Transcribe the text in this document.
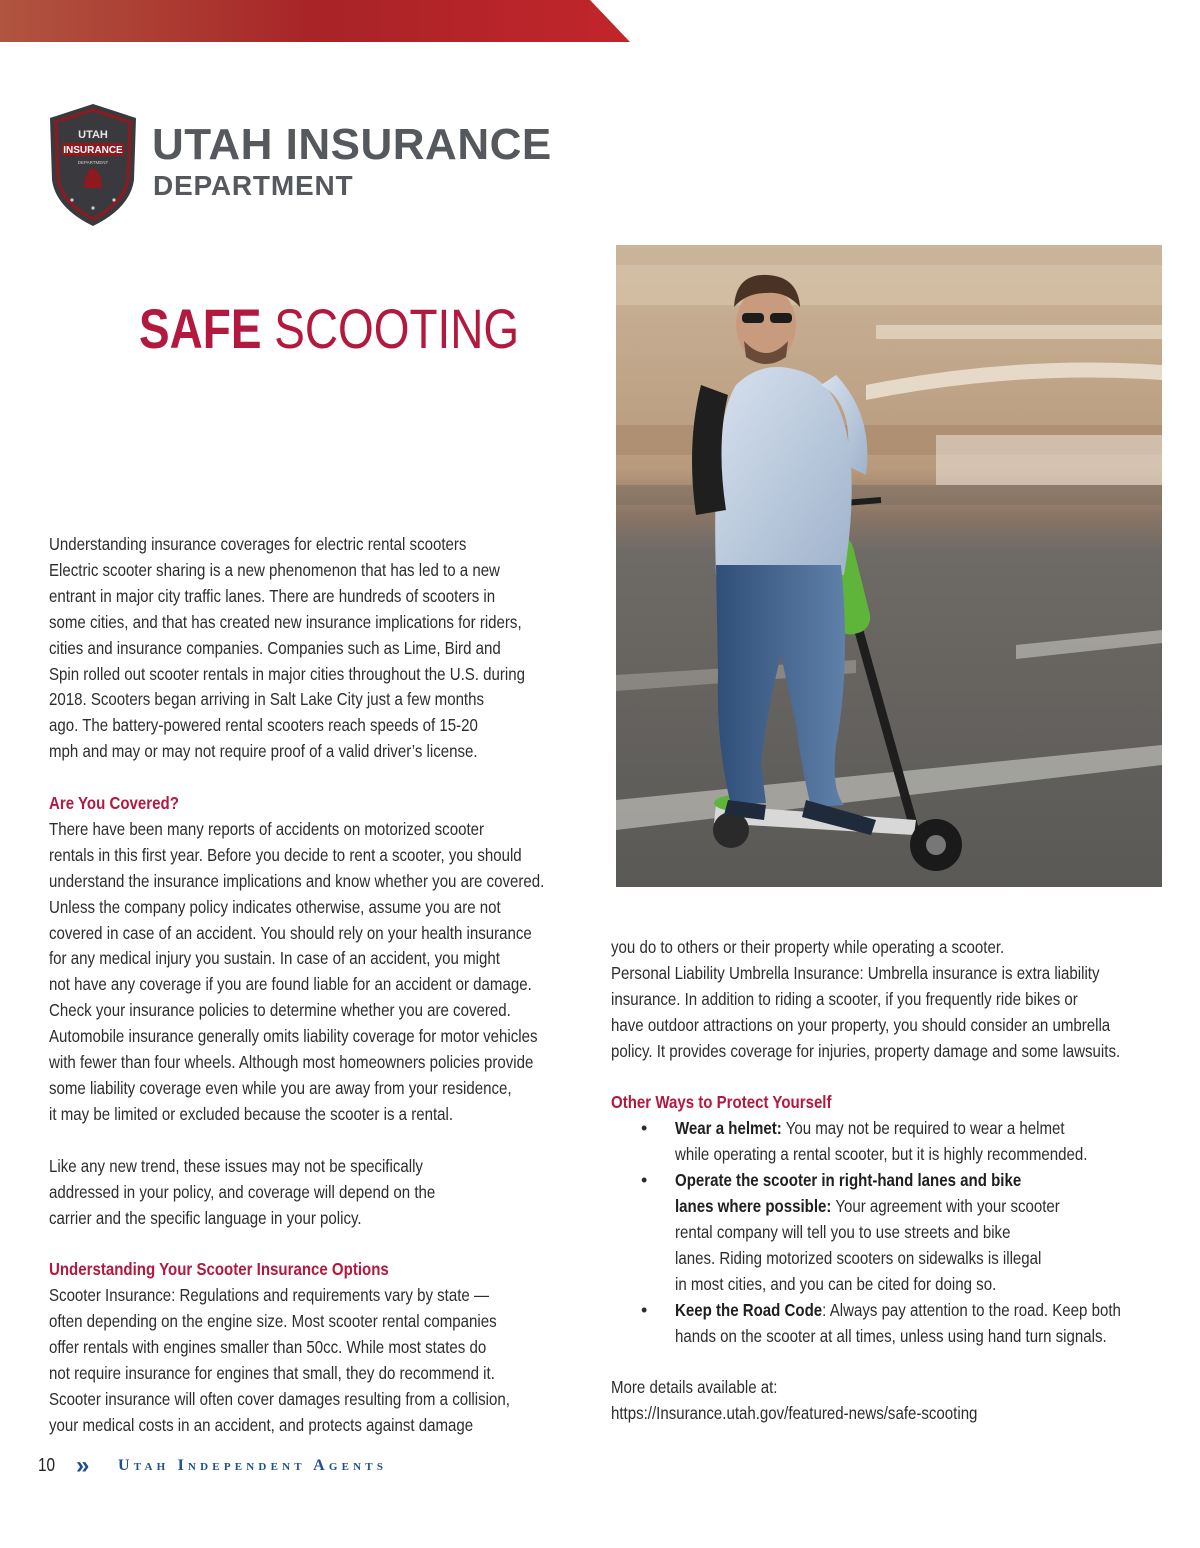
UTAH
INSURANCE
DEPARTMENT UTAH INSURANCE
DEPARTMENT
SAFE SCOOTING
Understanding insurance coverages for electric rental scooters
Electric scooter sharing is a new phenomenon that has led to a new
entrant in major city traffic lanes. There are hundreds of scooters in
some cities, and that has created new insurance implications for riders,
cities and insurance companies. Companies such as Lime, Bird and
Spin rolled out scooter rentals in major cities throughout the U.S. during
2018. Scooters began arriving in Salt Lake City just a few months
ago. The battery-powered rental scooters reach speeds of 15-20
mph and may or may not require proof of a valid driver’s license.
Are You Covered?
There have been many reports of accidents on motorized scooter
rentals in this first year. Before you decide to rent a scooter, you should
understand the insurance implications and know whether you are covered.
Unless the company policy indicates otherwise, assume you are not
covered in case of an accident. You should rely on your health insurance
for any medical injury you sustain. In case of an accident, you might
not have any coverage if you are found liable for an accident or damage.
Check your insurance policies to determine whether you are covered.
Automobile insurance generally omits liability coverage for motor vehicles
with fewer than four wheels. Although most homeowners policies provide
some liability coverage even while you are away from your residence,
it may be limited or excluded because the scooter is a rental.
Like any new trend, these issues may not be specifically
addressed in your policy, and coverage will depend on the
carrier and the specific language in your policy.
Understanding Your Scooter Insurance Options
Scooter Insurance: Regulations and requirements vary by state —
often depending on the engine size. Most scooter rental companies
offer rentals with engines smaller than 50cc. While most states do
not require insurance for engines that small, they do recommend it.
Scooter insurance will often cover damages resulting from a collision,
your medical costs in an accident, and protects against damage
you do to others or their property while operating a scooter.
Personal Liability Umbrella Insurance: Umbrella insurance is extra liability
insurance. In addition to riding a scooter, if you frequently ride bikes or
have outdoor attractions on your property, you should consider an umbrella
policy. It provides coverage for injuries, property damage and some lawsuits.
Other Ways to Protect Yourself
• Wear a helmet: You may not be required to wear a helmet
while operating a rental scooter, but it is highly recommended.
• Operate the scooter in right-hand lanes and bike
lanes where possible: Your agreement with your scooter
rental company will tell you to use streets and bike
lanes. Riding motorized scooters on sidewalks is illegal
in most cities, and you can be cited for doing so.
• Keep the Road Code: Always pay attention to the road. Keep both
hands on the scooter at all times, unless using hand turn signals.
More details available at:
https://Insurance.utah.gov/featured-news/safe-scooting
10 » Utah Independent Agents
